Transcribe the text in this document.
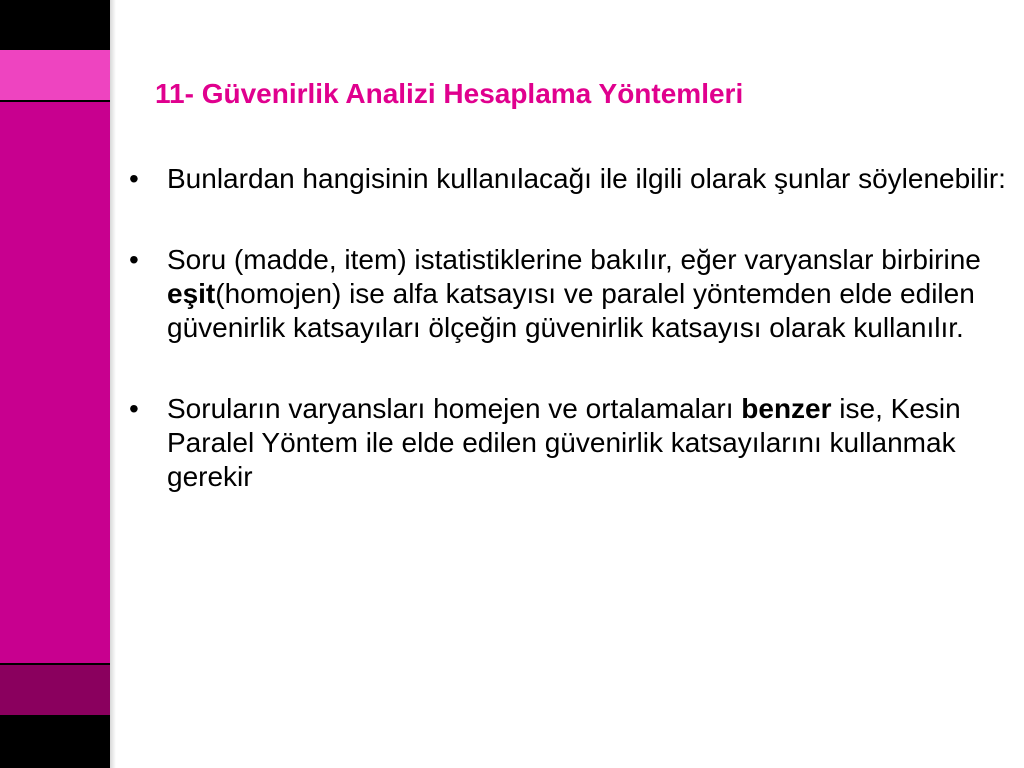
11- Güvenirlik Analizi Hesaplama Yöntemleri
• Bunlardan hangisinin kullanılacağı ile ilgili olarak şunlar söylenebilir:
• Soru (madde, item) istatistiklerine bakılır, eğer varyanslar birbirine eşit(homojen) ise alfa katsayısı ve paralel yöntemden elde edilen güvenirlik katsayıları ölçeğin güvenirlik katsayısı olarak kullanılır.
• Soruların varyansları homejen ve ortalamaları benzer ise, Kesin Paralel Yöntem ile elde edilen güvenirlik katsayılarını kullanmak gerekir
